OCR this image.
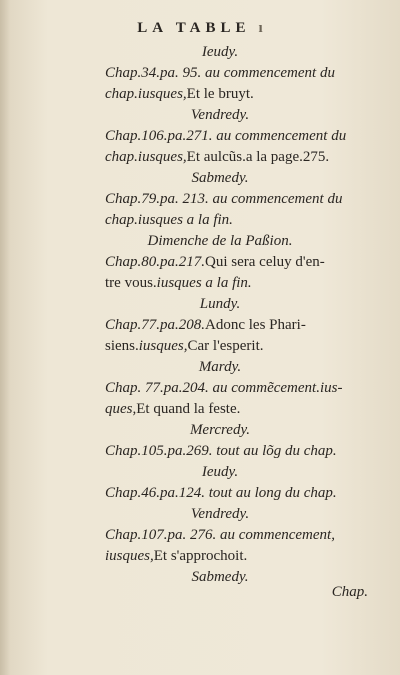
LA TABLE ı
Ieudy.
Chap.34.pa. 95. au commencement du
chap.iusques,Et le bruyt.
Vendredy.
Chap.106.pa.271. au commencement du
chap.iusques,Et aulcũs.a la page.275.
Sabmedy.
Chap.79.pa. 213. au commencement du
chap.iusques a la fin.
Dimenche de la Paßion.
Chap.80.pa.217.Qui sera celuy d'en-
tre vous.iusques a la fin.
Lundy.
Chap.77.pa.208.Adonc les Phari-
siens.iusques,Car l'esperit.
Mardy.
Chap. 77.pa.204. au commẽcement.ius-
ques,Et quand la feste.
Mercredy.
Chap.105.pa.269. tout au lõg du chap.
Ieudy.
Chap.46.pa.124. tout au long du chap.
Vendredy.
Chap.107.pa. 276. au commencement,
iusques,Et s'approchoit.
Sabmedy.
Chap.
